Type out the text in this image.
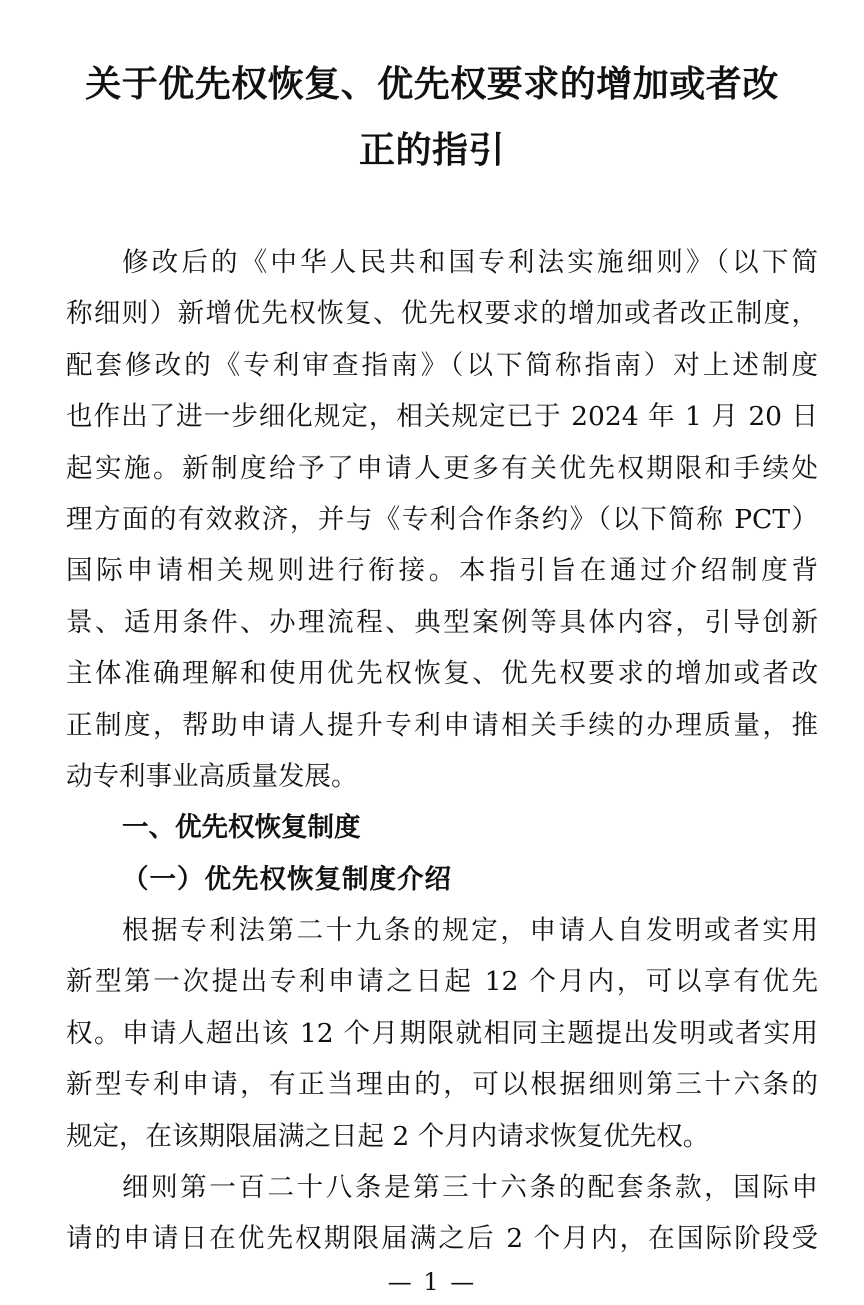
关于优先权恢复、优先权要求的增加或者改

正的指引

修改后的《中华人民共和国专利法实施细则》（以下简

称细则）新增优先权恢复、优先权要求的增加或者改正制度，

配套修改的《专利审查指南》（以下简称指南）对上述制度

也作出了进一步细化规定，相关规定已于 2024 年 1 月 20 日

起实施。新制度给予了申请人更多有关优先权期限和手续处

理方面的有效救济，并与《专利合作条约》（以下简称 PCT）

国际申请相关规则进行衔接。本指引旨在通过介绍制度背

景、适用条件、办理流程、典型案例等具体内容，引导创新

主体准确理解和使用优先权恢复、优先权要求的增加或者改

正制度，帮助申请人提升专利申请相关手续的办理质量，推

动专利事业高质量发展。

一、优先权恢复制度

（一）优先权恢复制度介绍

根据专利法第二十九条的规定，申请人自发明或者实用

新型第一次提出专利申请之日起 12 个月内，可以享有优先

权。申请人超出该 12 个月期限就相同主题提出发明或者实用

新型专利申请，有正当理由的，可以根据细则第三十六条的

规定，在该期限届满之日起 2 个月内请求恢复优先权。

细则第一百二十八条是第三十六条的配套条款，国际申

请的申请日在优先权期限届满之后 2 个月内，在国际阶段受

— 1 —
